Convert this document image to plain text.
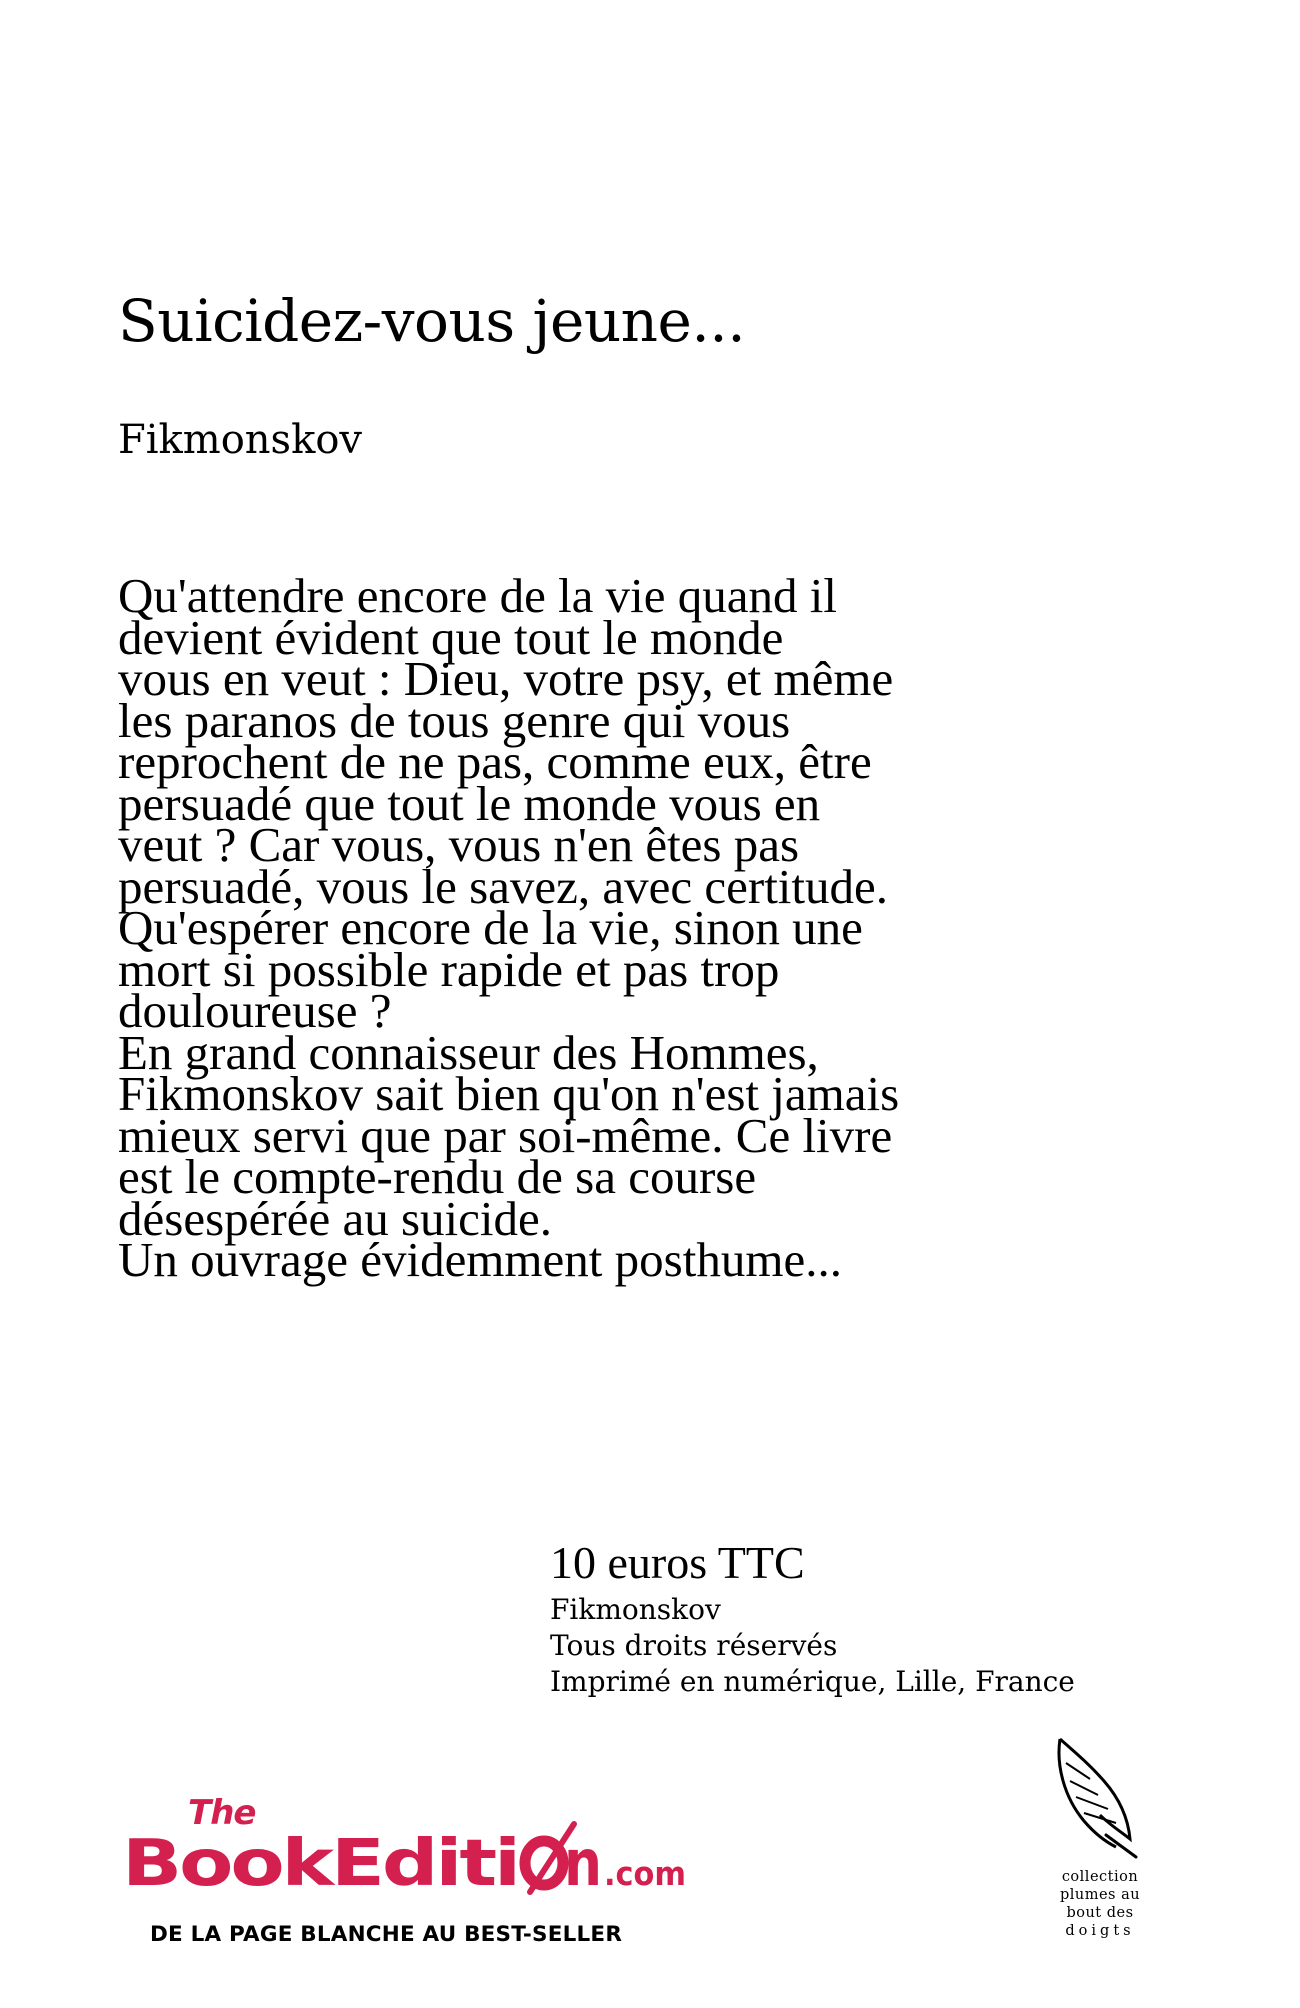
Suicidez-vous jeune...
Fikmonskov

Qu'attendre encore de la vie quand il

devient évident que tout le monde

vous en veut : Dieu, votre psy, et même

les paranos de tous genre qui vous

reprochent de ne pas, comme eux, être

persuadé que tout le monde vous en

veut ? Car vous, vous n'en êtes pas

persuadé, vous le savez, avec certitude.

Qu'espérer encore de la vie, sinon une

mort si possible rapide et pas trop

douloureuse ?

En grand connaisseur des Hommes,

Fikmonskov sait bien qu'on n'est jamais

mieux servi que par soi-même. Ce livre

est le compte-rendu de sa course

désespérée au suicide.

Un ouvrage évidemment posthume...

10 euros TTC
Fikmonskov
Tous droits réservés
Imprimé en numérique, Lille, France
The
BookEditi n .com
DE LA PAGE BLANCHE AU BEST-SELLER
collection
plumes au
bout des
doigts
